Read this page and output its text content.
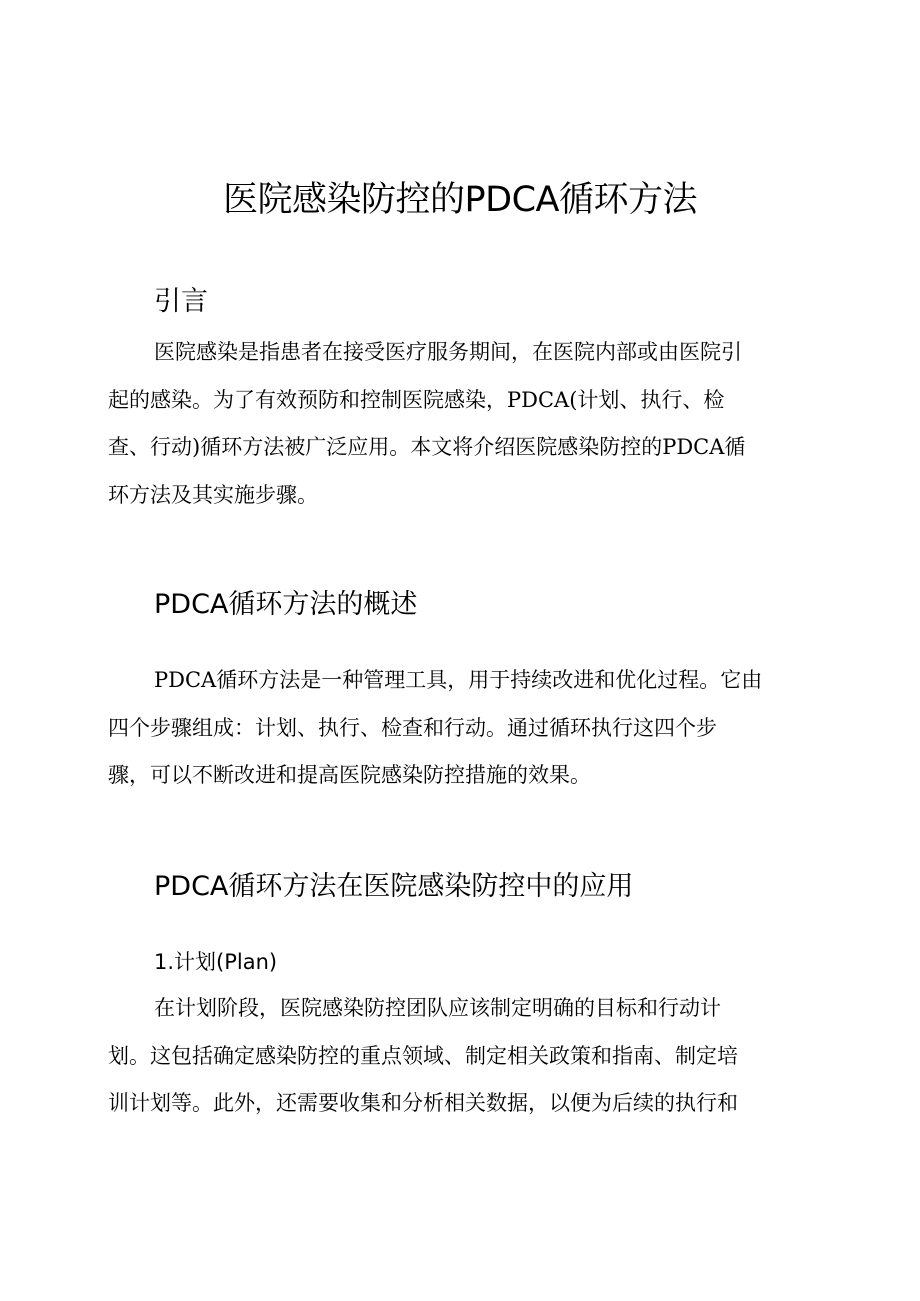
医院感染防控的PDCA循环方法
引言

医院感染是指患者在接受医疗服务期间，在医院内部或由医院引
起的感染。为了有效预防和控制医院感染，PDCA(计划、执行、检
查、行动)循环方法被广泛应用。本文将介绍医院感染防控的PDCA循
环方法及其实施步骤。

PDCA循环方法的概述

PDCA循环方法是一种管理工具，用于持续改进和优化过程。它由
四个步骤组成：计划、执行、检查和行动。通过循环执行这四个步
骤，可以不断改进和提高医院感染防控措施的效果。

PDCA循环方法在医院感染防控中的应用
1.计划(Plan)

在计划阶段，医院感染防控团队应该制定明确的目标和行动计
划。这包括确定感染防控的重点领域、制定相关政策和指南、制定培
训计划等。此外，还需要收集和分析相关数据，以便为后续的执行和
